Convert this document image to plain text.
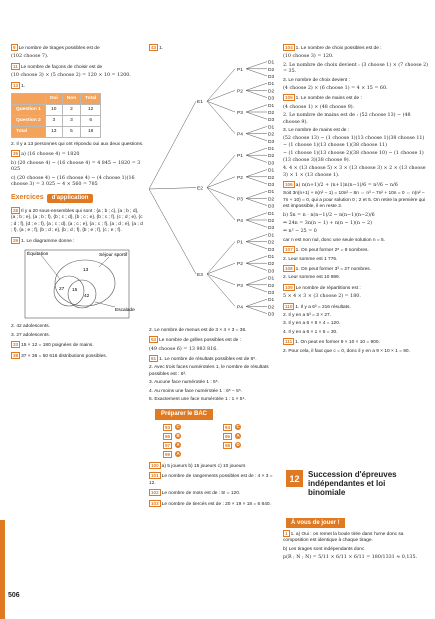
506

9 Le nombre de tirages possibles est de

(102 choose 7).

11 Le nombre de façons de choisir est de

(10 choose 3) × (5 choose 2) = 120 × 10 = 1200.

13 1.

	Oui	Non	Total
Question 1	10	2	12
Question 2	3	3	6
Total	13	5	18

2. Il y a 13 personnes qui ont répondu oui aux deux questions.

35 a) (16 choose 4) = 1820

b) (20 choose 4) − (16 choose 4) = 4 845 − 1820 = 3 025

c) (20 choose 4) − (16 choose 4) − (4 choose 1)(16 choose 3) = 3 025 − 4 × 560 = 785

Exercices	d'application

28 Il y a 20 sous-ensembles qui sont : {a ; b ; c}, {a ; b ; d}, {a ; b ; e}, {a ; b ; f}, {b ; c ; d}, {b ; c ; e}, {b ; c ; f}, {c ; d ; e}, {c ; d ; f}, {d ; e ; f}, {a ; c ; d}, {a ; c ; e}, {a ; c ; f}, {a ; d ; e}, {a ; d ; f}, {a ; e ; f}, {b ; d ; e}, {b ; d ; f}, {b ; e ; f}, {c ; e ; f}.

29 1. Le diagramme donne :

Équitation	Séjour sportif
Escalade
13
27 15
42

2. 42 adolescents.

3. 27 adolescents.

33 15 × 12 = 180 poignées de mains.

38 37 × 36 = 50 616 distributions possibles.

43 1.

E1
P1
D1
D2
D3
P2
D1
D2
D3
P3
D1
D2
D3
P4
D1
D2
D3
E2
P1
D1
D2
D3
P2
D1
D2
D3
P3
D1
D2
D3
P4
D1
D2
D3
E3
P1
D1
D2
D3
P2
D1
D2
D3
P3
D1
D2
D3
P4
D1
D2
D3

2. Le nombre de menus est de 3 × 4 × 3 = 36.

53 Le nombre de grilles possibles est de :

(49 choose 6) = 13 983 816.

61 1. Le nombre de résultats possibles est de 6⁵.

2. Avec trois faces numérotées 1, le nombre de résultats possibles est : 6³.

3. Aucune face numérotée 1 : 5⁵.

4. Au moins une face numérotée 1 : 6⁵ − 5⁵.

5. Exactement une face numérotée 1 : 1 × 5⁴.

Préparer le BAC
93	C	94	C
95	B	96	A
97	A	98	D
99	A

100 a) 5 joueurs b) 15 joueurs c) 10 joueurs

101 Le nombre de rangements possibles est de : 4 × 3 = 12.

102 Le nombre de mots est de : 5! = 120.

103 Le nombre de tiercés est de : 20 × 19 × 18 = 6 840.

104 1. Le nombre de choix possibles est de :

(10 choose 3) = 120.

2. Le nombre de choix devient : (3 choose 1) × (7 choose 2) = 35.

3. Le nombre de choix devient :

(4 choose 2) × (6 choose 1) = 4 × 15 = 60.

105 1. Le nombre de mains est de :

(4 choose 1) × (48 choose 9).

2. Le nombre de mains est de : (52 choose 13) − (48 choose 9).

3. Le nombre de mains est de :

(52 choose 13) − (1 choose 1)(13 choose 1)(38 choose 11) − (1 choose 1)(13 choose 1)(38 choose 11)

− (1 choose 1)(13 choose 2)(38 choose 10) − (1 choose 1)(13 choose 3)(38 choose 9).

4. 4 × (13 choose 5) × 3 × (13 choose 3) × 2 × (13 choose 3) × 1 × (13 choose 1).

106 a) n(n+1)/2 + (n+1)n(n−1)/6 = n³/6 − n/6

Soit 3n(n+1) + n(n² − 1) = 10n² − 8n ⇔ n³ − 7n² + 10n = 0 ⇔ n(n² − 7n + 10) = 0, qui a pour solution 0 ; 2 et 5. On retire la première qui est impossible, il en reste 2.

b) 5n = n · n(n−1)/2 − n(n−1)(n−2)/6

⇔ 24n = 3n(n − 1) + n(n − 1)(n − 2)

⇔ n³ − 25 = 0

car n est non nul, donc une seule solution n = 5.

107 1. On peut former 2⁸ = 8 nombres.

2. Leur somme est 1 776.

108 1. On peut former 3³ = 27 nombres.

2. Leur somme est 10 989.

109 Le nombre de répartitions est :

5 × 4 × 3 × (3 choose 2) = 180.

110 1. Il y a 6³ = 216 résultats.

2. Il y en a 5³ = 3 × 27.

3. Il y en a 6 × 5 × 4 = 120.

4. Il y en a 6 × 1 × 5 = 30.

111 1. On peut en former 9 × 10 × 10 = 900.

2. Pour cela, il faut que c = 0, donc il y en a 9 × 10 × 1 = 90.

12	Succession d'épreuves indépendantes et loi binomiale
À vous de jouer !

1 1. a) Oui : on remet la boule tirée dans l'urne donc sa composition est identique à chaque tirage.

b) Les tirages sont indépendants donc

p(R ; N ; N) = 5/11 × 6/11 × 6/11 = 180/1331 ≈ 0,135.
